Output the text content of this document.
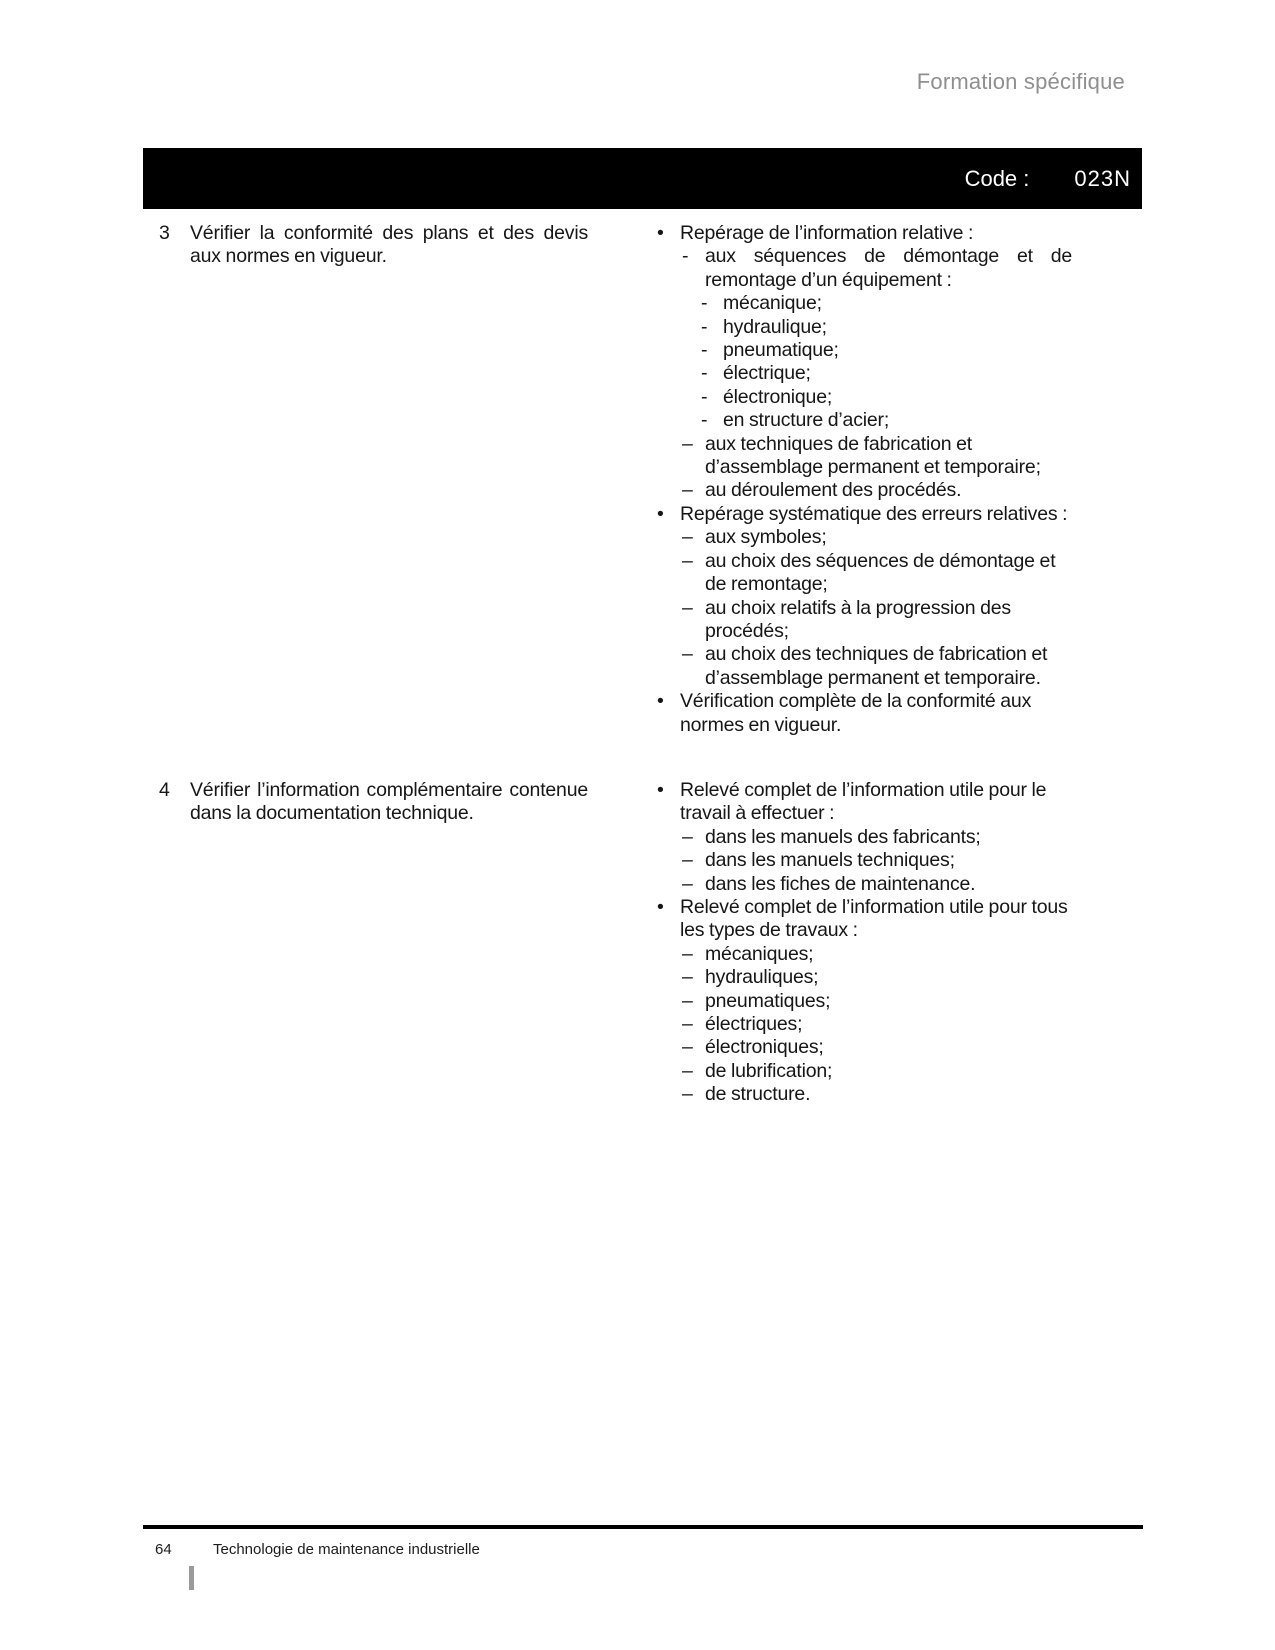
Formation spécifique
Code : 023N
3	Vérifier la conformité des plans et des devis aux normes en vigueur.
• Repérage de l’information relative :
- aux séquences de démontage et de remontage d’un équipement :
- mécanique;
- hydraulique;
- pneumatique;
- électrique;
- électronique;
- en structure d’acier;
– aux techniques de fabrication et d’assemblage permanent et temporaire;
– au déroulement des procédés.
• Repérage systématique des erreurs relatives :
– aux symboles;
– au choix des séquences de démontage et de remontage;
– au choix relatifs à la progression des procédés;
– au choix des techniques de fabrication et d’assemblage permanent et temporaire.
• Vérification complète de la conformité aux normes en vigueur.
4	Vérifier l’information complémentaire contenue dans la documentation technique.
• Relevé complet de l’information utile pour le travail à effectuer :
– dans les manuels des fabricants;
– dans les manuels techniques;
– dans les fiches de maintenance.
• Relevé complet de l’information utile pour tous les types de travaux :
– mécaniques;
– hydrauliques;
– pneumatiques;
– électriques;
– électroniques;
– de lubrification;
– de structure.
64	Technologie de maintenance industrielle
